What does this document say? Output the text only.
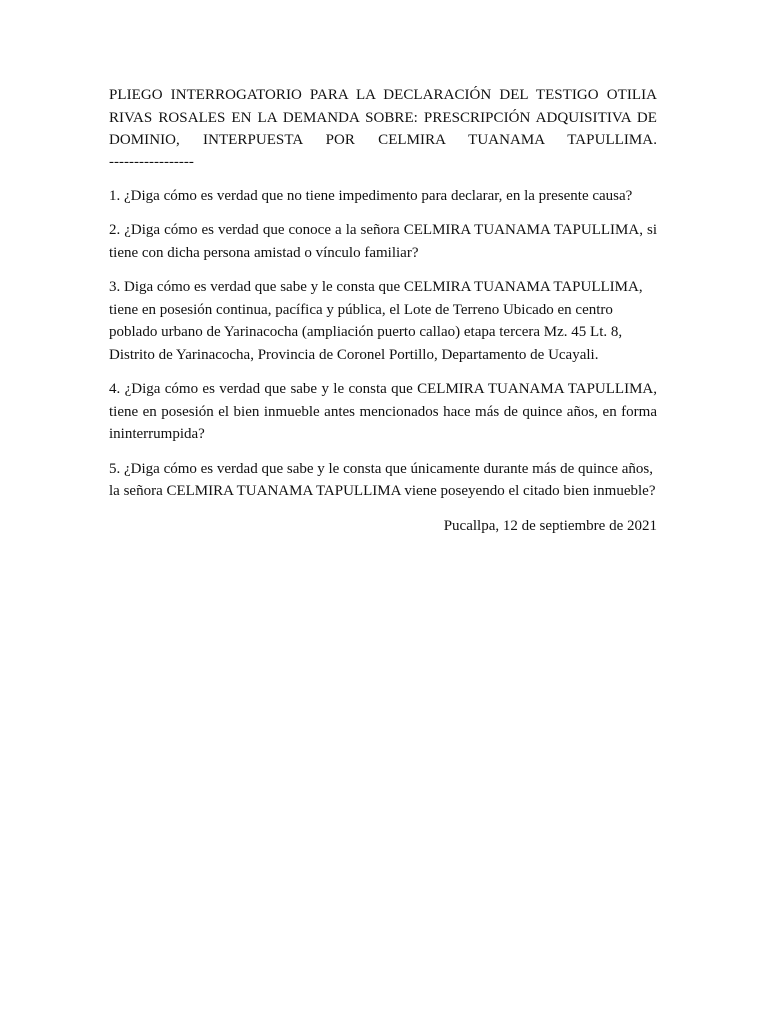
PLIEGO INTERROGATORIO PARA LA DECLARACIÓN DEL TESTIGO OTILIA RIVAS ROSALES EN LA DEMANDA SOBRE: PRESCRIPCIÓN ADQUISITIVA DE DOMINIO, INTERPUESTA POR CELMIRA TUANAMA TAPULLIMA.

-----------------

1. ¿Diga cómo es verdad que no tiene impedimento para declarar, en la presente causa?

2. ¿Diga cómo es verdad que conoce a la señora CELMIRA TUANAMA TAPULLIMA, si tiene con dicha persona amistad o vínculo familiar?

3. Diga cómo es verdad que sabe y le consta que CELMIRA TUANAMA TAPULLIMA, tiene en posesión continua, pacífica y pública, el Lote de Terreno Ubicado en centro poblado urbano de Yarinacocha (ampliación puerto callao) etapa tercera Mz. 45 Lt. 8, Distrito de Yarinacocha, Provincia de Coronel Portillo, Departamento de Ucayali.

4. ¿Diga cómo es verdad que sabe y le consta que CELMIRA TUANAMA TAPULLIMA, tiene en posesión el bien inmueble antes mencionados hace más de quince años, en forma ininterrumpida?

5. ¿Diga cómo es verdad que sabe y le consta que únicamente durante más de quince años, la señora CELMIRA TUANAMA TAPULLIMA viene poseyendo el citado bien inmueble?

Pucallpa, 12 de septiembre de 2021
